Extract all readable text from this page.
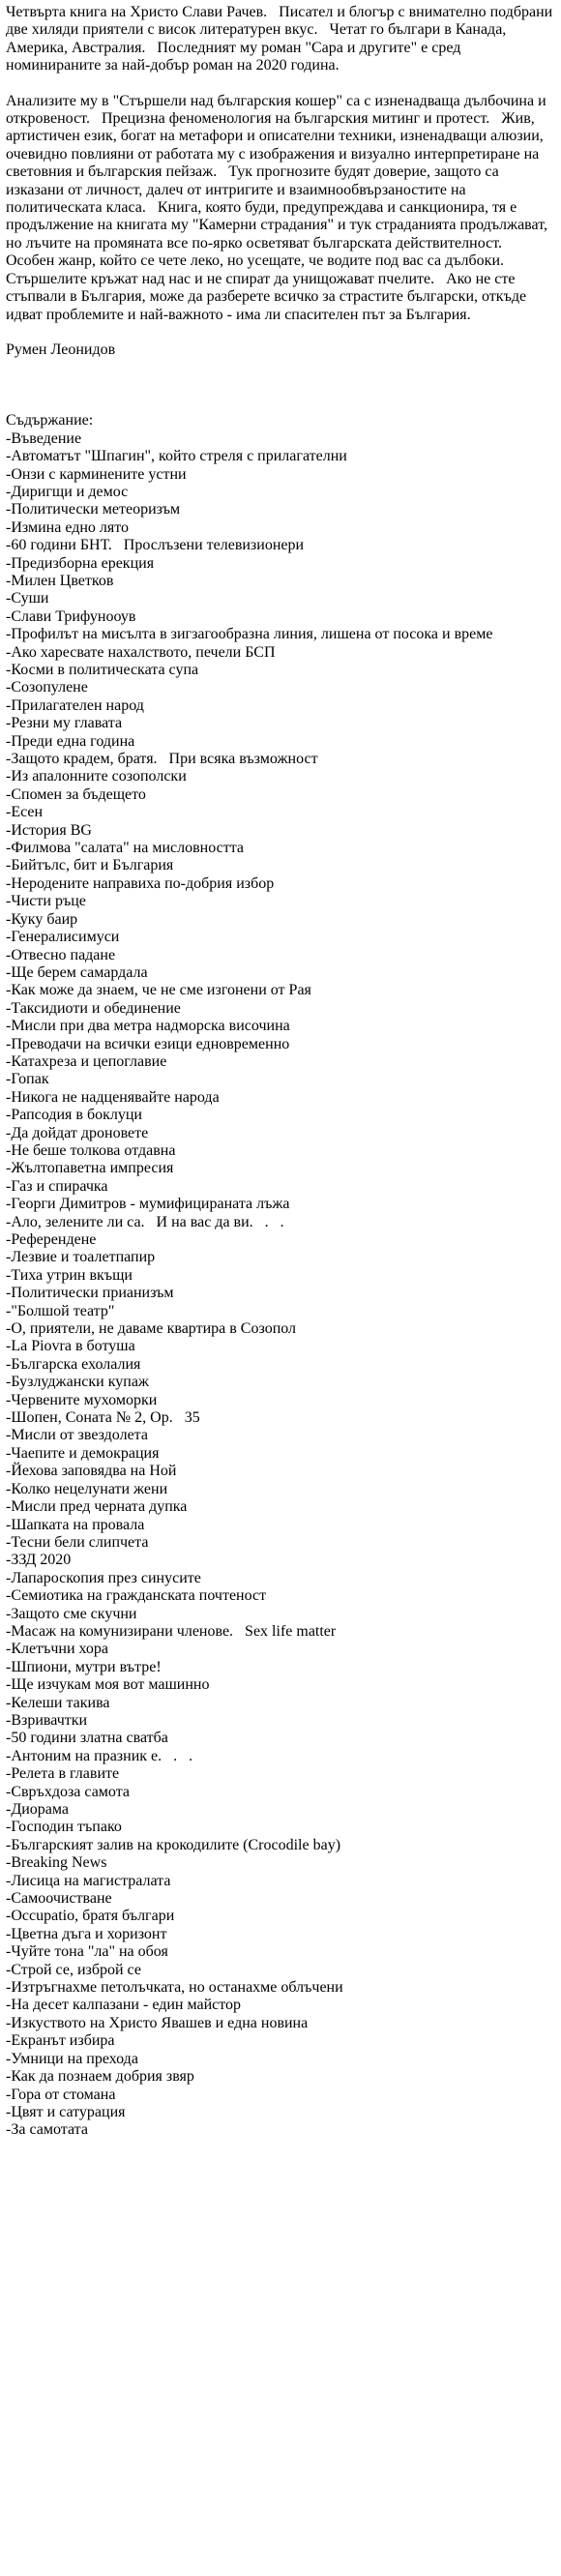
Четвърта книга на Христо Слави Рачев.   Писател и блогър с внимателно подбрани две хиляди приятели с висок литературен вкус.   Четат го българи в Канада, Америка, Австралия.   Последният му роман "Сара и другите" е сред номинираните за най-добър роман на 2020 година.

Анализите му в "Стършели над българския кошер" са с изненадваща дълбочина и откровеност.   Прецизна феноменология на българския митинг и протест.   Жив, артистичен език, богат на метафори и описателни техники, изненадващи алюзии, очевидно повлияни от работата му с изображения и визуално интерпретиране на световния и българския пейзаж.   Тук прогнозите будят доверие, защото са изказани от личност, далеч от интригите и взаимноoбвързаностите на политическата класа.   Книга, която буди, предупреждава и санкционира, тя е продължение на книгата му "Камерни страдания" и тук страданията продължават, но лъчите на промяната все по-ярко осветяват българската действителност.   Особен жанр, който се чете леко, но усещате, че водите под вас са дълбоки.   Стършелите кръжат над нас и не спират да унищожават пчелите.   Ако не сте стъпвали в България, може да разберете всичко за страстите български, откъде идват проблемите и най-важното - има ли спасителен път за България.

Румен Леонидов

Съдържание:

-Въведение
-Автоматът "Шпагин", който стреля с прилагателни
-Онзи с карминените устни
-Диригщи и демос
-Политически метеоризъм
-Измина едно лято
-60 години БНТ.   Прослъзени телевизионери
-Предизборна ерекция
-Милен Цветков
-Суши
-Слави Трифунооув
-Профилът на мисълта в зигзагообразна линия, лишена от посока и време
-Ако харесвате нахалството, печели БСП
-Косми в политическата супа
-Созопулене
-Прилагателен народ
-Резни му главата
-Преди една година
-Защото крадем, братя.   При всяка възможност
-Из апалонните созополски
-Спомен за бъдещето
-Есен
-История BG
-Филмова "салата" на мисловността
-Бийтълс, бит и България
-Неродените направиха по-добрия избор
-Чисти ръце
-Куку баир
-Генералисимуси
-Отвесно падане
-Ще берем самардала
-Как може да знаем, че не сме изгонени от Рая
-Таксидиоти и обединение
-Мисли при два метра надморска височина
-Преводачи на всички езици едновременно
-Катахреза и цепоглавие
-Гопак
-Никога не надценявайте народа
-Рапсодия в боклуци
-Да дойдат дроновете
-Не беше толкова отдавна
-Жълтопаветна импресия
-Газ и спирачка
-Георги Димитров - мумифицираната лъжа
-Ало, зелените ли са.   И на вас да ви.   .   .
-Референдене
-Лезвие и тоалетпапир
-Тиха утрин вкъщи
-Политически прианизъм
-"Болшой театр"
-О, приятели, не даваме квартира в Созопол
-La Piovra в ботуша
-Българска ехолалия
-Бузлуджански купаж
-Червените мухоморки
-Шопен, Соната № 2, Ор.   35
-Мисли от звездолета
-Чаепите и демокрация
-Йехова заповядва на Ной
-Колко нецелунати жени
-Мисли пред черната дупка
-Шапката на провала
-Тесни бели слипчета
-ЗЗД 2020
-Лапароскопия през синусите
-Семиотика на гражданската почтеност
-Защото сме скучни
-Масаж на комунизирани членове.   Sex life matter
-Клетъчни хора
-Шпиони, мутри вътре!
-Ще изчукам моя вот машинно
-Келеши такива
-Взривачтки
-50 години златна сватба
-Антоним на празник е.   .   .
-Релета в главите
-Свръхдоза самота
-Диорама
-Господин тъпако
-Българският залив на крокодилите (Crocodile bay)
-Breaking News
-Лисица на магистралата
-Самоочистване
-Occupatio, братя българи
-Цветна дъга и хоризонт
-Чуйте тона "ла" на обоя
-Строй се, изброй се
-Изтръгнахме петолъчката, но останахме облъчени
-На десет калпазани - един майстор
-Изкуството на Христо Явашев и една новина
-Екранът избира
-Умници на прехода
-Как да познаем добрия звяр
-Гора от стомана
-Цвят и сатурация
-За самотата
